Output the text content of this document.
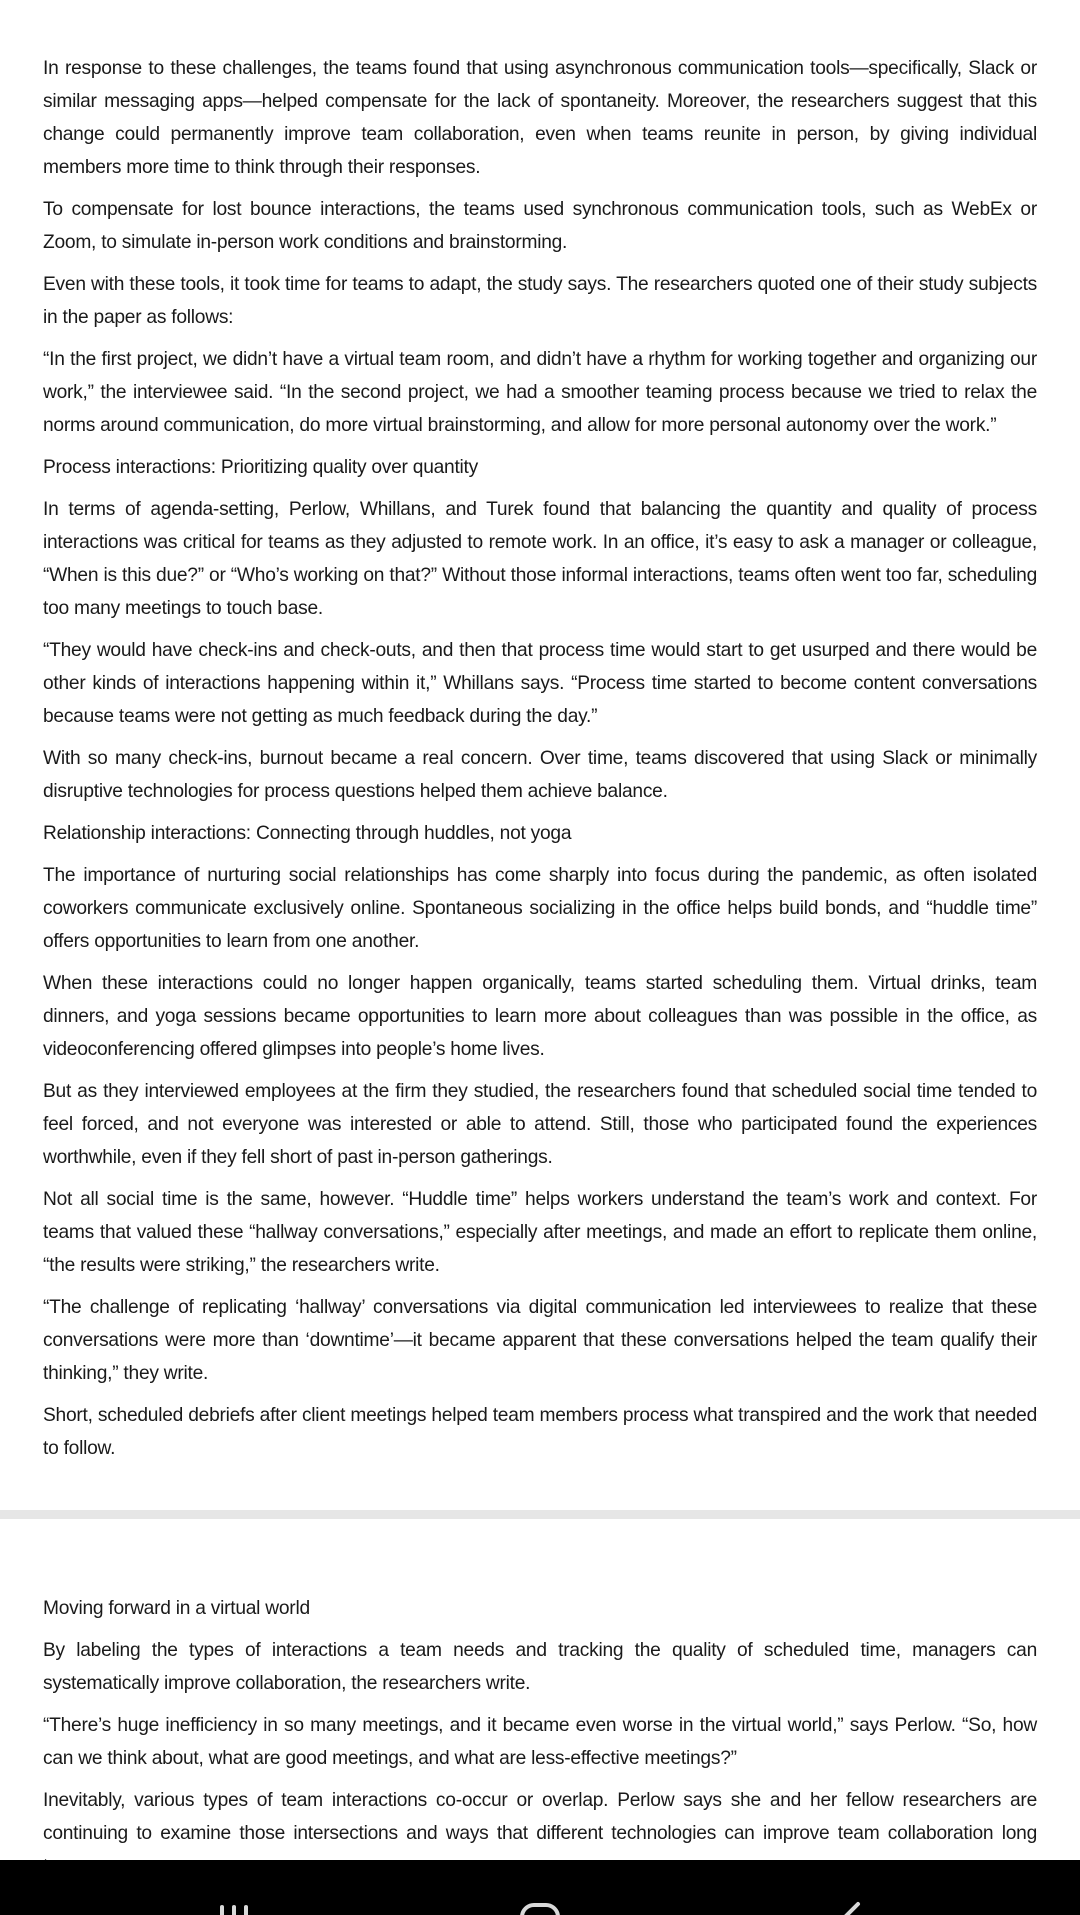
In response to these challenges, the teams found that using asynchronous communication tools—specifically, Slack or similar messaging apps—helped compensate for the lack of spontaneity. Moreover, the researchers suggest that this change could permanently improve team collaboration, even when teams reunite in person, by giving individual members more time to think through their responses.

To compensate for lost bounce interactions, the teams used synchronous communication tools, such as WebEx or Zoom, to simulate in-person work conditions and brainstorming.

Even with these tools, it took time for teams to adapt, the study says. The researchers quoted one of their study subjects in the paper as follows:

“In the first project, we didn’t have a virtual team room, and didn’t have a rhythm for working together and organizing our work,” the interviewee said. “In the second project, we had a smoother teaming process because we tried to relax the norms around communication, do more virtual brainstorming, and allow for more personal autonomy over the work.”

Process interactions: Prioritizing quality over quantity

In terms of agenda-setting, Perlow, Whillans, and Turek found that balancing the quantity and quality of process interactions was critical for teams as they adjusted to remote work. In an office, it’s easy to ask a manager or colleague, “When is this due?” or “Who’s working on that?” Without those informal interactions, teams often went too far, scheduling too many meetings to touch base.

“They would have check-ins and check-outs, and then that process time would start to get usurped and there would be other kinds of interactions happening within it,” Whillans says. “Process time started to become content conversations because teams were not getting as much feedback during the day.”

With so many check-ins, burnout became a real concern. Over time, teams discovered that using Slack or minimally disruptive technologies for process questions helped them achieve balance.

Relationship interactions: Connecting through huddles, not yoga

The importance of nurturing social relationships has come sharply into focus during the pandemic, as often isolated coworkers communicate exclusively online. Spontaneous socializing in the office helps build bonds, and “huddle time” offers opportunities to learn from one another.

When these interactions could no longer happen organically, teams started scheduling them. Virtual drinks, team dinners, and yoga sessions became opportunities to learn more about colleagues than was possible in the office, as videoconferencing offered glimpses into people’s home lives.

But as they interviewed employees at the firm they studied, the researchers found that scheduled social time tended to feel forced, and not everyone was interested or able to attend. Still, those who participated found the experiences worthwhile, even if they fell short of past in-person gatherings.

Not all social time is the same, however. “Huddle time” helps workers understand the team’s work and context. For teams that valued these “hallway conversations,” especially after meetings, and made an effort to replicate them online, “the results were striking,” the researchers write.

“The challenge of replicating ‘hallway’ conversations via digital communication led interviewees to realize that these conversations were more than ‘downtime’—it became apparent that these conversations helped the team qualify their thinking,” they write.

Short, scheduled debriefs after client meetings helped team members process what transpired and the work that needed to follow.

Moving forward in a virtual world

By labeling the types of interactions a team needs and tracking the quality of scheduled time, managers can systematically improve collaboration, the researchers write.

“There’s huge inefficiency in so many meetings, and it became even worse in the virtual world,” says Perlow. “So, how can we think about, what are good meetings, and what are less-effective meetings?”

Inevitably, various types of team interactions co-occur or overlap. Perlow says she and her fellow researchers are continuing to examine those intersections and ways that different technologies can improve team collaboration long
